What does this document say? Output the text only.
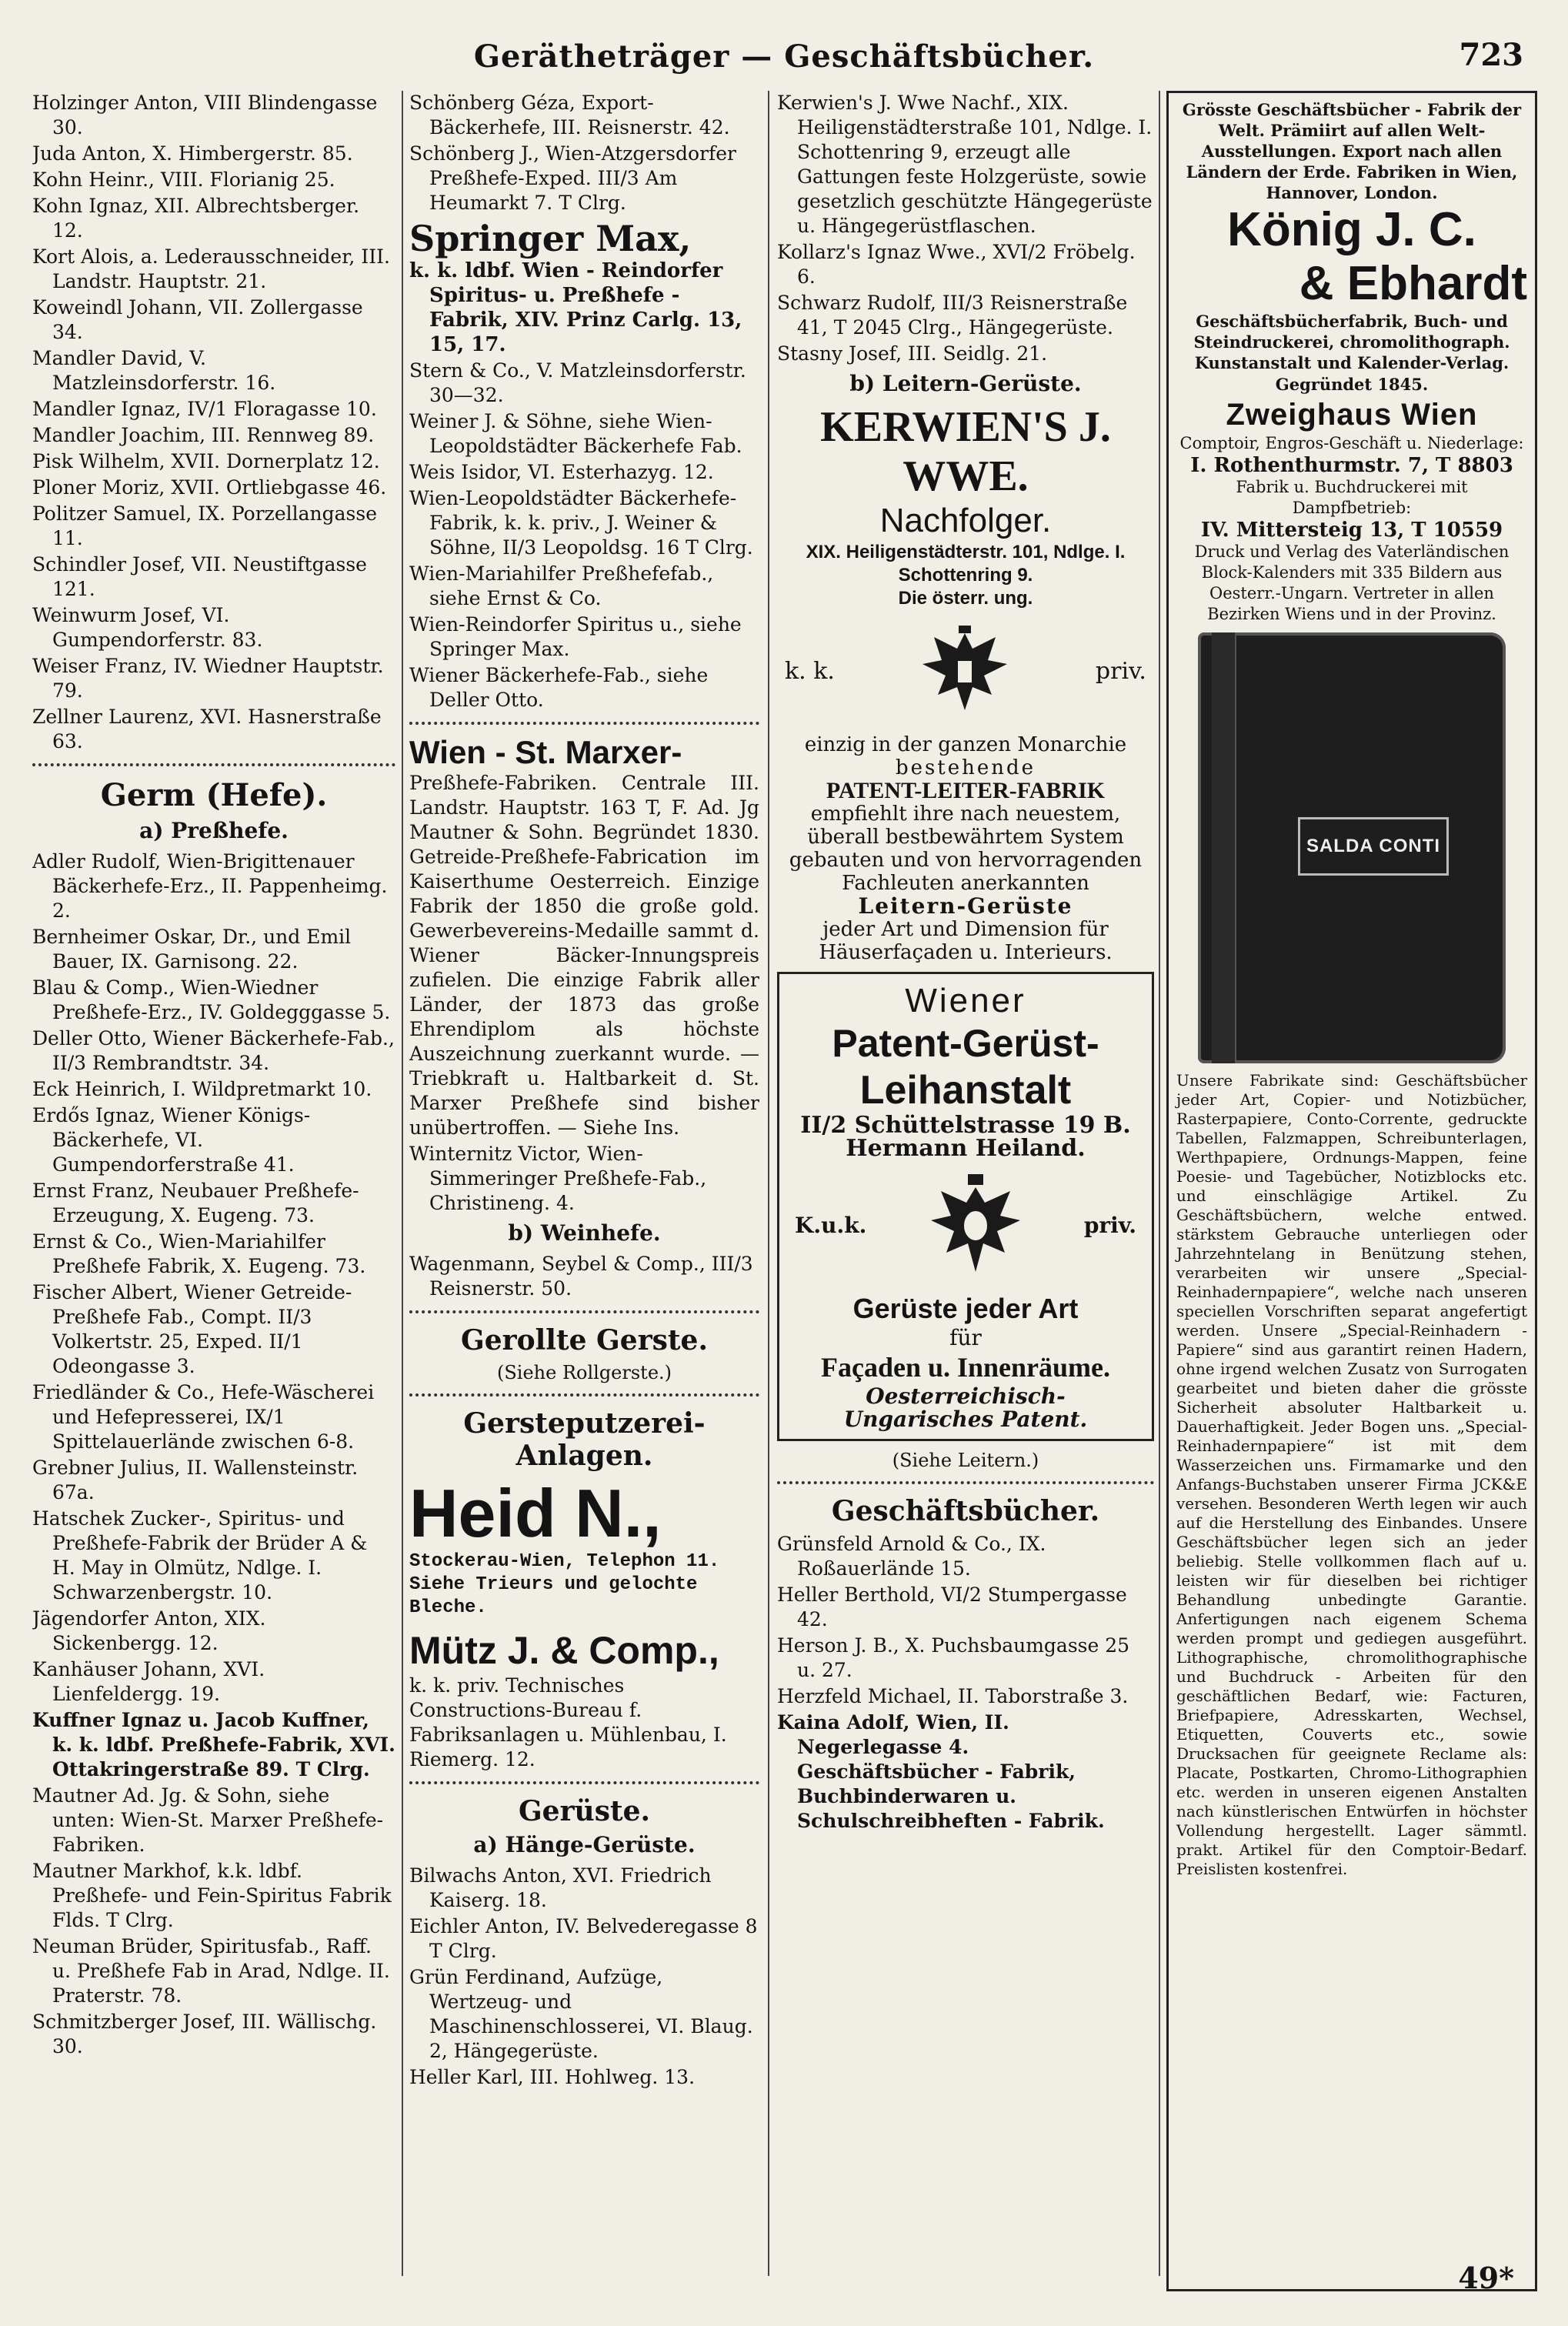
Gerätheträger — Geschäftsbücher.	723
Holzinger Anton, VIII Blindengasse 30.
Juda Anton, X. Himbergerstr. 85.
Kohn Heinr., VIII. Florianig 25.
Kohn Ignaz, XII. Albrechtsberger. 12.
Kort Alois, a. Lederausschneider, III. Landstr. Hauptstr. 21.
Koweindl Johann, VII. Zollergasse 34.
Mandler David, V. Matzleinsdorferstr. 16.
Mandler Ignaz, IV/1 Floragasse 10.
Mandler Joachim, III. Rennweg 89.
Pisk Wilhelm, XVII. Dornerplatz 12.
Ploner Moriz, XVII. Ortliebgasse 46.
Politzer Samuel, IX. Porzellangasse 11.
Schindler Josef, VII. Neustiftgasse 121.
Weinwurm Josef, VI. Gumpendorferstr. 83.
Weiser Franz, IV. Wiedner Hauptstr. 79.
Zellner Laurenz, XVI. Hasnerstraße 63.
Germ (Hefe).
a) Preßhefe.
Adler Rudolf, Wien-Brigittenauer Bäckerhefe-Erz., II. Pappenheimg. 2.
Bernheimer Oskar, Dr., und Emil Bauer, IX. Garnisong. 22.
Blau & Comp., Wien-Wiedner Preßhefe-Erz., IV. Goldegggasse 5.
Deller Otto, Wiener Bäckerhefe-Fab., II/3 Rembrandtstr. 34.
Eck Heinrich, I. Wildpretmarkt 10.
Erdős Ignaz, Wiener Königs-Bäckerhefe, VI. Gumpendorferstraße 41.
Ernst Franz, Neubauer Preßhefe-Erzeugung, X. Eugeng. 73.
Ernst & Co., Wien-Mariahilfer Preßhefe Fabrik, X. Eugeng. 73.
Fischer Albert, Wiener Getreide-Preßhefe Fab., Compt. II/3 Volkertstr. 25, Exped. II/1 Odeongasse 3.
Friedländer & Co., Hefe-Wäscherei und Hefepresserei, IX/1 Spittelauerlände zwischen 6-8.
Grebner Julius, II. Wallensteinstr. 67a.
Hatschek Zucker-, Spiritus- und Preßhefe-Fabrik der Brüder A & H. May in Olmütz, Ndlge. I. Schwarzenbergstr. 10.
Jägendorfer Anton, XIX. Sickenbergg. 12.
Kanhäuser Johann, XVI. Lienfeldergg. 19.
Kuffner Ignaz u. Jacob Kuffner, k. k. ldbf. Preßhefe-Fabrik, XVI. Ottakringerstraße 89. T Clrg.
Mautner Ad. Jg. & Sohn, siehe unten: Wien-St. Marxer Preßhefe-Fabriken.
Mautner Markhof, k.k. ldbf. Preßhefe- und Fein-Spiritus Fabrik Flds. T Clrg.
Neuman Brüder, Spiritusfab., Raff. u. Preßhefe Fab in Arad, Ndlge. II. Praterstr. 78.
Schmitzberger Josef, III. Wällischg. 30.
Schönberg Géza, Export-Bäckerhefe, III. Reisnerstr. 42.
Schönberg J., Wien-Atzgersdorfer Preßhefe-Exped. III/3 Am Heumarkt 7. T Clrg.
Springer Max,
k. k. ldbf. Wien - Reindorfer Spiritus- u. Preßhefe - Fabrik, XIV. Prinz Carlg. 13, 15, 17.
Stern & Co., V. Matzleinsdorferstr. 30—32.
Weiner J. & Söhne, siehe Wien-Leopoldstädter Bäckerhefe Fab.
Weis Isidor, VI. Esterhazyg. 12.
Wien-Leopoldstädter Bäckerhefe-Fabrik, k. k. priv., J. Weiner & Söhne, II/3 Leopoldsg. 16 T Clrg.
Wien-Mariahilfer Preßhefefab., siehe Ernst & Co.
Wien-Reindorfer Spiritus u., siehe Springer Max.
Wiener Bäckerhefe-Fab., siehe Deller Otto.
Wien - St. Marxer-
Preßhefe-Fabriken. Centrale III. Landstr. Hauptstr. 163 T, F. Ad. Jg Mautner & Sohn. Begründet 1830. Getreide-Preßhefe-Fabrication im Kaiserthume Oesterreich. Einzige Fabrik der 1850 die große gold. Gewerbevereins-Medaille sammt d. Wiener Bäcker-Innungspreis zufielen. Die einzige Fabrik aller Länder, der 1873 das große Ehrendiplom als höchste Auszeichnung zuerkannt wurde. — Triebkraft u. Haltbarkeit d. St. Marxer Preßhefe sind bisher unübertroffen. — Siehe Ins.
Winternitz Victor, Wien-Simmeringer Preßhefe-Fab., Christineng. 4.
b) Weinhefe.
Wagenmann, Seybel & Comp., III/3 Reisnerstr. 50.
Gerollte Gerste.
(Siehe Rollgerste.)
Gersteputzerei-Anlagen.
Heid N.,
Stockerau-Wien, Telephon 11. Siehe Trieurs und gelochte Bleche.
Mütz J. & Comp.,
k. k. priv. Technisches Constructions-Bureau f. Fabriksanlagen u. Mühlenbau, I. Riemerg. 12.
Gerüste.
a) Hänge-Gerüste.
Bilwachs Anton, XVI. Friedrich Kaiserg. 18.
Eichler Anton, IV. Belvederegasse 8 T Clrg.
Grün Ferdinand, Aufzüge, Wertzeug- und Maschinenschlosserei, VI. Blaug. 2, Hängegerüste.
Heller Karl, III. Hohlweg. 13.
Kerwien's J. Wwe Nachf., XIX. Heiligenstädterstraße 101, Ndlge. I. Schottenring 9, erzeugt alle Gattungen feste Holzgerüste, sowie gesetzlich geschützte Hängegerüste u. Hängegerüstflaschen.
Kollarz's Ignaz Wwe., XVI/2 Fröbelg. 6.
Schwarz Rudolf, III/3 Reisnerstraße 41, T 2045 Clrg., Hängegerüste.
Stasny Josef, III. Seidlg. 21.
b) Leitern-Gerüste.
KERWIEN'S J. WWE.
Nachfolger.
XIX. Heiligenstädterstr. 101, Ndlge. I. Schottenring 9.
Die österr. ung.
k. k.	priv.
einzig in der ganzen Monarchie
bestehende
PATENT-LEITER-FABRIK
empfiehlt ihre nach neuestem, überall bestbewährtem System gebauten und von hervorragenden Fachleuten anerkannten
Leitern-Gerüste
jeder Art und Dimension für Häuserfaçaden u. Interieurs.
Wiener
Patent-Gerüst-
Leihanstalt
II/2 Schüttelstrasse 19 B.
Hermann Heiland.
K.u.k.	priv.
Gerüste jeder Art
für
Façaden u. Innenräume.
Oesterreichisch-
Ungarisches Patent.
(Siehe Leitern.)
Geschäftsbücher.
Grünsfeld Arnold & Co., IX. Roßauerlände 15.
Heller Berthold, VI/2 Stumpergasse 42.
Herson J. B., X. Puchsbaumgasse 25 u. 27.
Herzfeld Michael, II. Taborstraße 3.
Kaina Adolf, Wien, II. Negerlegasse 4. Geschäftsbücher - Fabrik, Buchbinderwaren u. Schulschreibheften - Fabrik.
Grösste Geschäftsbücher - Fabrik der Welt. Prämiirt auf allen Welt-Ausstellungen. Export nach allen Ländern der Erde. Fabriken in Wien, Hannover, London.
König J. C.
& Ebhardt
Geschäftsbücherfabrik, Buch- und Steindruckerei, chromolithograph. Kunstanstalt und Kalender-Verlag.
Gegründet 1845.
Zweighaus Wien
Comptoir, Engros-Geschäft u. Niederlage:
I. Rothenthurmstr. 7, T 8803
Fabrik u. Buchdruckerei mit Dampfbetrieb:
IV. Mittersteig 13, T 10559
Druck und Verlag des Vaterländischen Block-Kalenders mit 335 Bildern aus Oesterr.-Ungarn. Vertreter in allen Bezirken Wiens und in der Provinz.
SALDA CONTI
Unsere Fabrikate sind: Geschäftsbücher jeder Art, Copier- und Notizbücher, Rasterpapiere, Conto-Corrente, gedruckte Tabellen, Falzmappen, Schreibunterlagen, Werthpapiere, Ordnungs-Mappen, feine Poesie- und Tagebücher, Notizblocks etc. und einschlägige Artikel. Zu Geschäftsbüchern, welche entwed. stärkstem Gebrauche unterliegen oder Jahrzehntelang in Benützung stehen, verarbeiten wir unsere „Special-Reinhadernpapiere“, welche nach unseren speciellen Vorschriften separat angefertigt werden. Unsere „Special-Reinhadern - Papiere“ sind aus garantirt reinen Hadern, ohne irgend welchen Zusatz von Surrogaten gearbeitet und bieten daher die grösste Sicherheit absoluter Haltbarkeit u. Dauerhaftigkeit. Jeder Bogen uns. „Special-Reinhadernpapiere“ ist mit dem Wasserzeichen uns. Firmamarke und den Anfangs-Buchstaben unserer Firma JCK&E versehen. Besonderen Werth legen wir auch auf die Herstellung des Einbandes. Unsere Geschäftsbücher legen sich an jeder beliebig. Stelle vollkommen flach auf u. leisten wir für dieselben bei richtiger Behandlung unbedingte Garantie. Anfertigungen nach eigenem Schema werden prompt und gediegen ausgeführt. Lithographische, chromolithographische und Buchdruck - Arbeiten für den geschäftlichen Bedarf, wie: Facturen, Briefpapiere, Adresskarten, Wechsel, Etiquetten, Couverts etc., sowie Drucksachen für geeignete Reclame als: Placate, Postkarten, Chromo-Lithographien etc. werden in unseren eigenen Anstalten nach künstlerischen Entwürfen in höchster Vollendung hergestellt. Lager sämmtl. prakt. Artikel für den Comptoir-Bedarf. Preislisten kostenfrei.
49*
